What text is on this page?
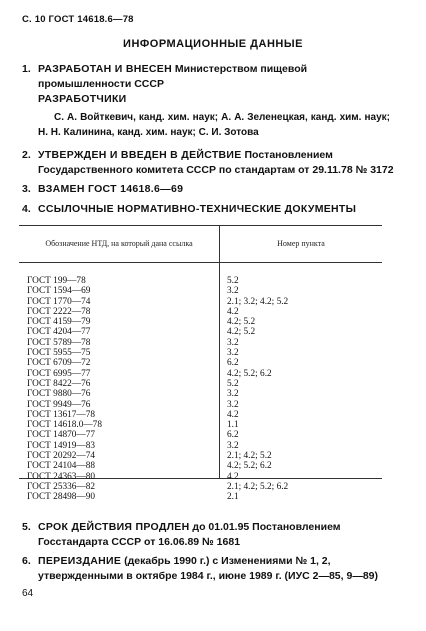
С. 10 ГОСТ 14618.6—78
ИНФОРМАЦИОННЫЕ ДАННЫЕ
1. РАЗРАБОТАН И ВНЕСЕН Министерством пищевой промышленности СССР
РАЗРАБОТЧИКИ
С. А. Войткевич, канд. хим. наук; А. А. Зеленецкая, канд. хим. наук; Н. Н. Калинина, канд. хим. наук; С. И. Зотова
2. УТВЕРЖДЕН И ВВЕДЕН В ДЕЙСТВИЕ Постановлением Государственного комитета СССР по стандартам от 29.11.78 № 3172
3. ВЗАМЕН ГОСТ 14618.6—69
4. ССЫЛОЧНЫЕ НОРМАТИВНО-ТЕХНИЧЕСКИЕ ДОКУМЕНТЫ
Обозначение НТД, на который дана ссылка	Номер пункта
ГОСТ 199—78	5.2
ГОСТ 1594—69	3.2
ГОСТ 1770—74	2.1; 3.2; 4.2; 5.2
ГОСТ 2222—78	4.2
ГОСТ 4159—79	4.2; 5.2
ГОСТ 4204—77	4.2; 5.2
ГОСТ 5789—78	3.2
ГОСТ 5955—75	3.2
ГОСТ 6709—72	6.2
ГОСТ 6995—77	4.2; 5.2; 6.2
ГОСТ 8422—76	5.2
ГОСТ 9880—76	3.2
ГОСТ 9949—76	3.2
ГОСТ 13617—78	4.2
ГОСТ 14618.0—78	1.1
ГОСТ 14870—77	6.2
ГОСТ 14919—83	3.2
ГОСТ 20292—74	2.1; 4.2; 5.2
ГОСТ 24104—88	4.2; 5.2; 6.2
ГОСТ 24363—80	4.2
ГОСТ 25336—82	2.1; 4.2; 5.2; 6.2
ГОСТ 28498—90	2.1
5. СРОК ДЕЙСТВИЯ ПРОДЛЕН до 01.01.95 Постановлением Госстандарта СССР от 16.06.89 № 1681
6. ПЕРЕИЗДАНИЕ (декабрь 1990 г.) с Изменениями № 1, 2, утвержденными в октябре 1984 г., июне 1989 г. (ИУС 2—85, 9—89)
64
